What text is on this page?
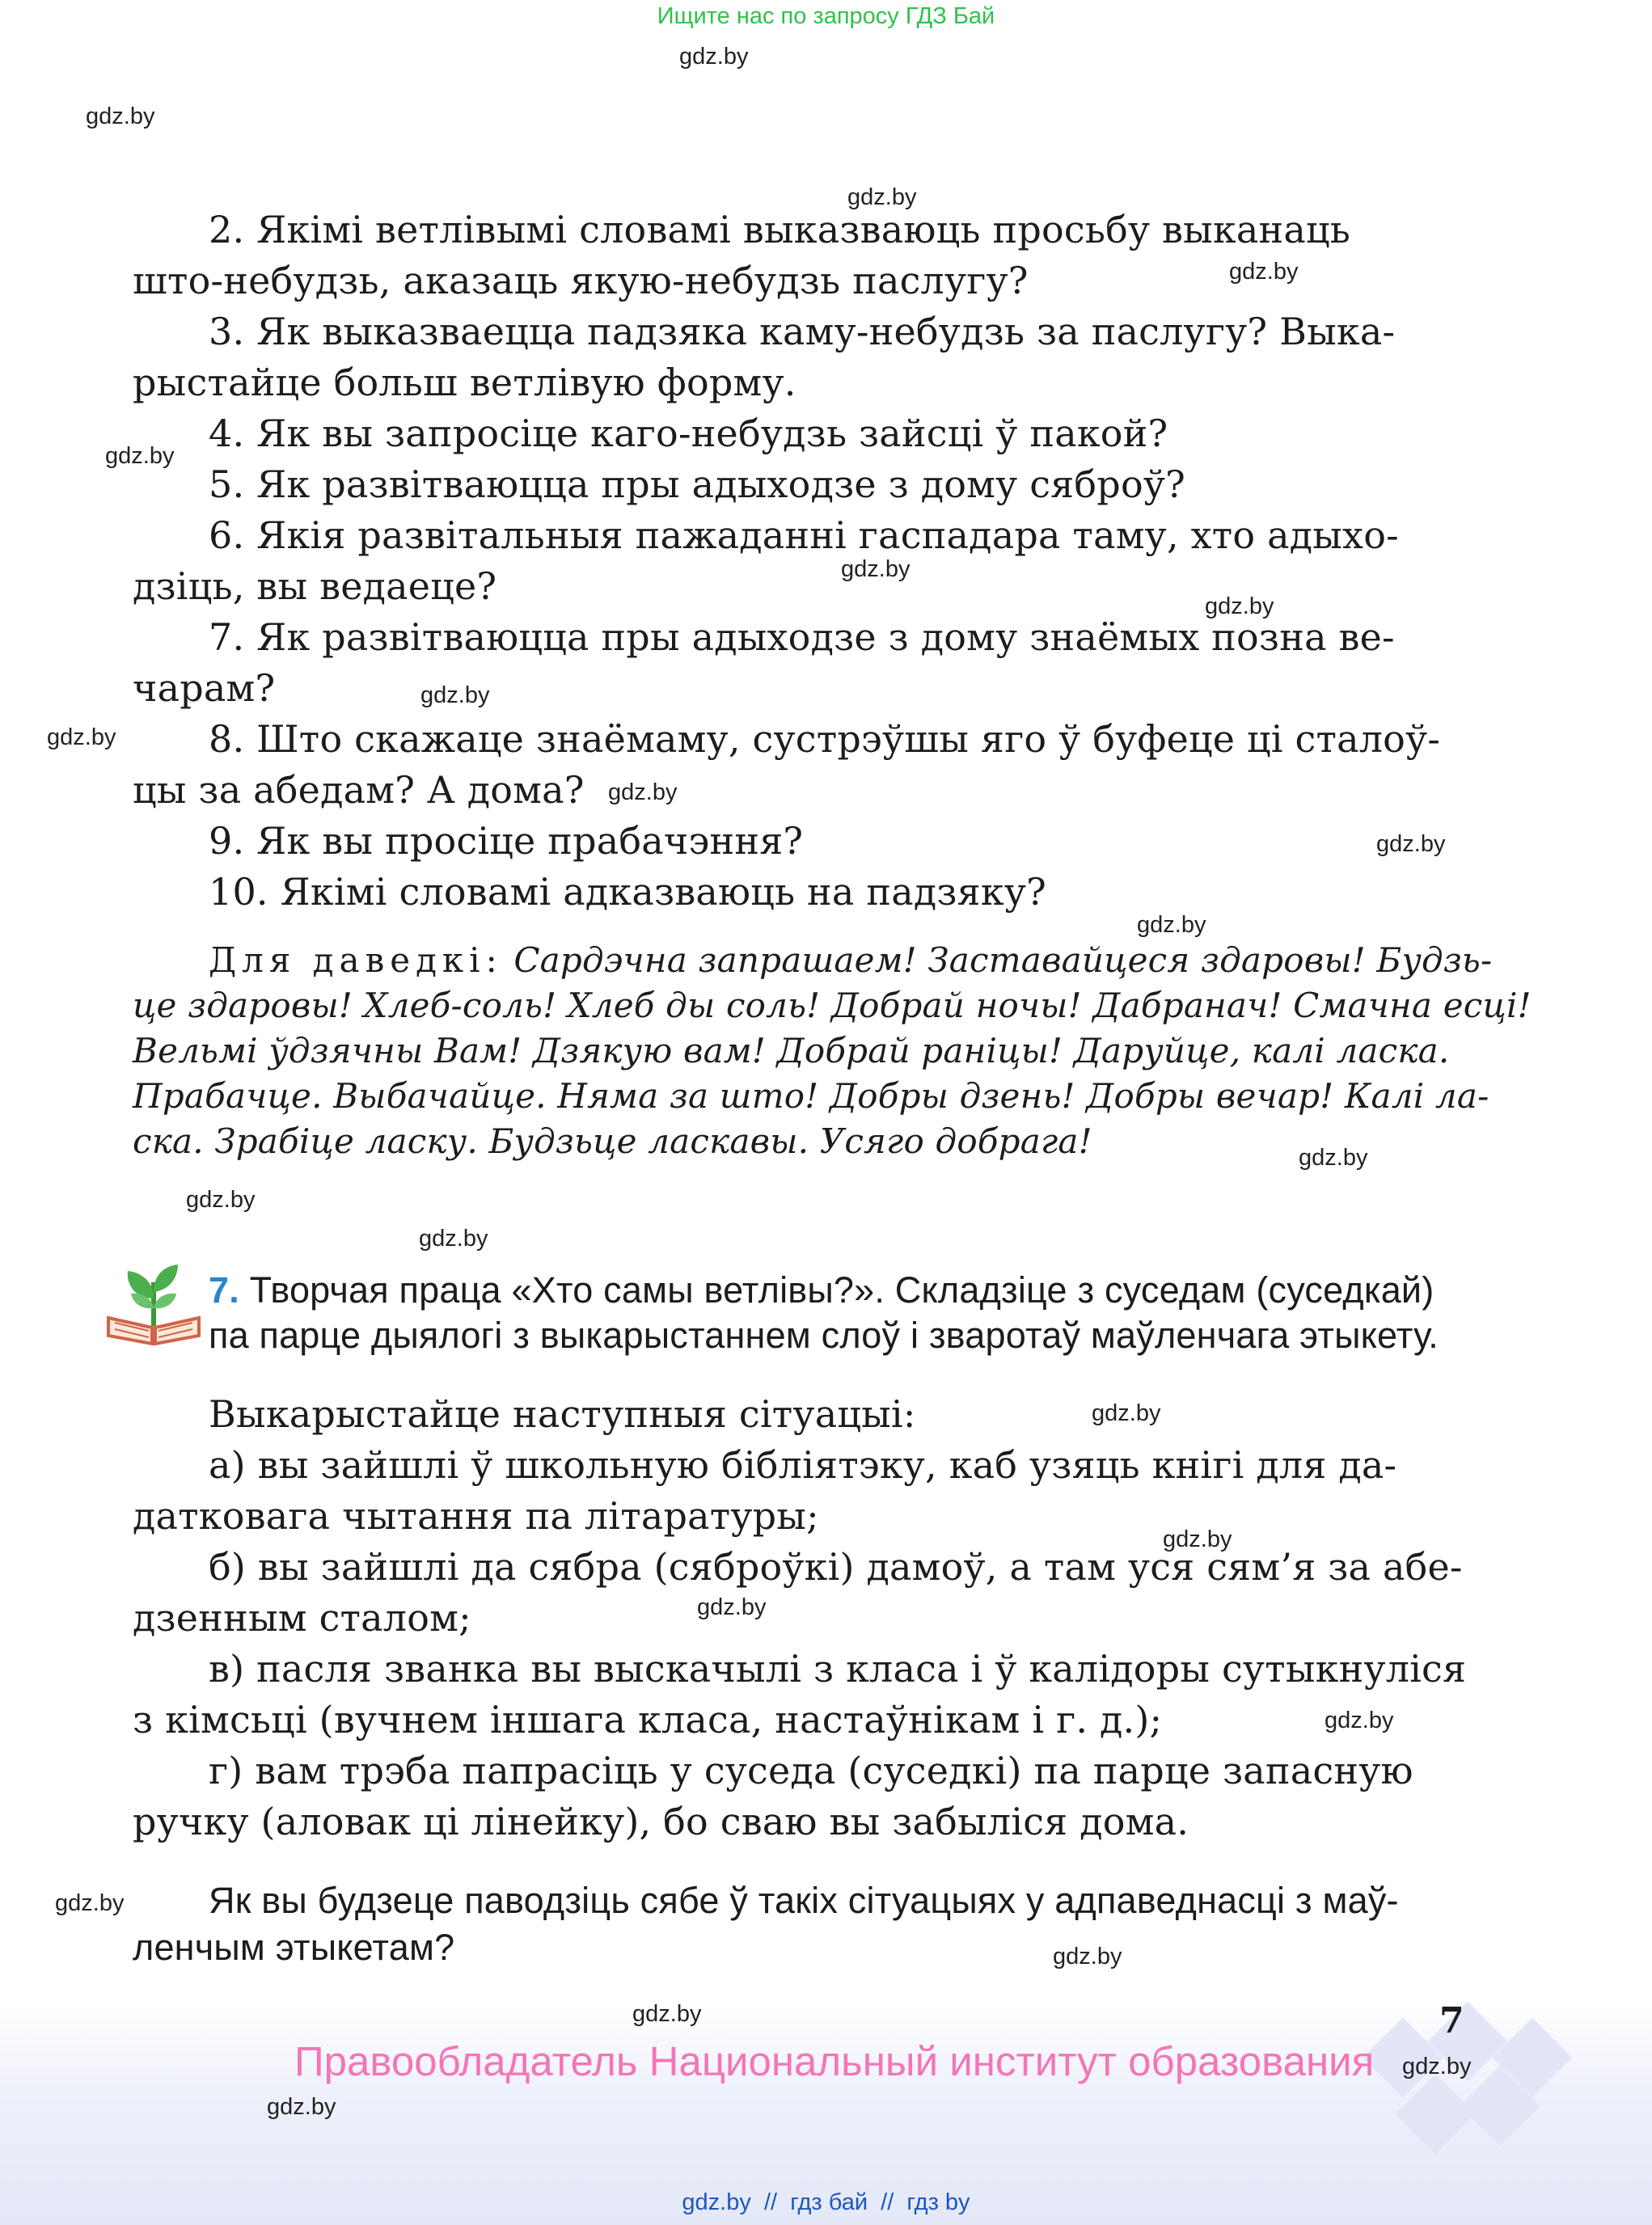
Ищите нас по запросу ГДЗ Бай
gdz.by
gdz.by
gdz.by
gdz.by
gdz.by
gdz.by
gdz.by
gdz.by
gdz.by
gdz.by
gdz.by
gdz.by
gdz.by
gdz.by
gdz.by
gdz.by
gdz.by
gdz.by
gdz.by
gdz.by
gdz.by
2. Якімі ветлівымі словамі выказваюць просьбу выканаць
што-небудзь, аказаць якую-небудзь паслугу?
3. Як выказваецца падзяка каму-небудзь за паслугу? Выка-
рыстайце больш ветлівую форму.
4. Як вы запросіце каго-небудзь зайсці ў пакой?
5. Як развітваюцца пры адыходзе з дому сяброў?
6. Якія развітальныя пажаданні гаспадара таму, хто адыхо-
дзіць, вы ведаеце?
7. Як развітваюцца пры адыходзе з дому знаёмых позна ве-
чарам?
8. Што скажаце знаёмаму, сустрэўшы яго ў буфеце ці сталоў-
цы за абедам? А дома?
9. Як вы просіце прабачэння?
10. Якімі словамі адказваюць на падзяку?
Для даведкі: Сардэчна запрашаем! Заставайцеся здаровы! Будзь-
це здаровы! Хлеб-соль! Хлеб ды соль! Добрай ночы! Дабранач! Смачна есці!
Вельмі ўдзячны Вам! Дзякую вам! Добрай раніцы! Даруйце, калі ласка.
Прабачце. Выбачайце. Няма за што! Добры дзень! Добры вечар! Калі ла-
ска. Зрабіце ласку. Будзьце ласкавы. Усяго добрага!
7. Творчая праца «Хто самы ветлівы?». Складзіце з суседам (суседкай)
па парце дыялогі з выкарыстаннем слоў і зваротаў маўленчага этыкету.
Выкарыстайце наступныя сітуацыі:
а) вы зайшлі ў школьную бібліятэку, каб узяць кнігі для да-
датковага чытання па літаратуры;
б) вы зайшлі да сябра (сяброўкі) дамоў, а там уся сям’я за абе-
дзенным сталом;
в) пасля званка вы выскачылі з класа і ў калідоры сутыкнуліся
з кімсьці (вучнем іншага класа, настаўнікам і г. д.);
г) вам трэба папрасіць у суседа (суседкі) па парце запасную
ручку (аловак ці лінейку), бо сваю вы забыліся дома.
Як вы будзеце паводзіць сябе ў такіх сітуацыях у адпаведнасці з маў-
ленчым этыкетам?
gdz.by	7
Правообладатель Национальный институт образования gdz.by
gdz.by
gdz.by  //  гдз бай  //  гдз by
